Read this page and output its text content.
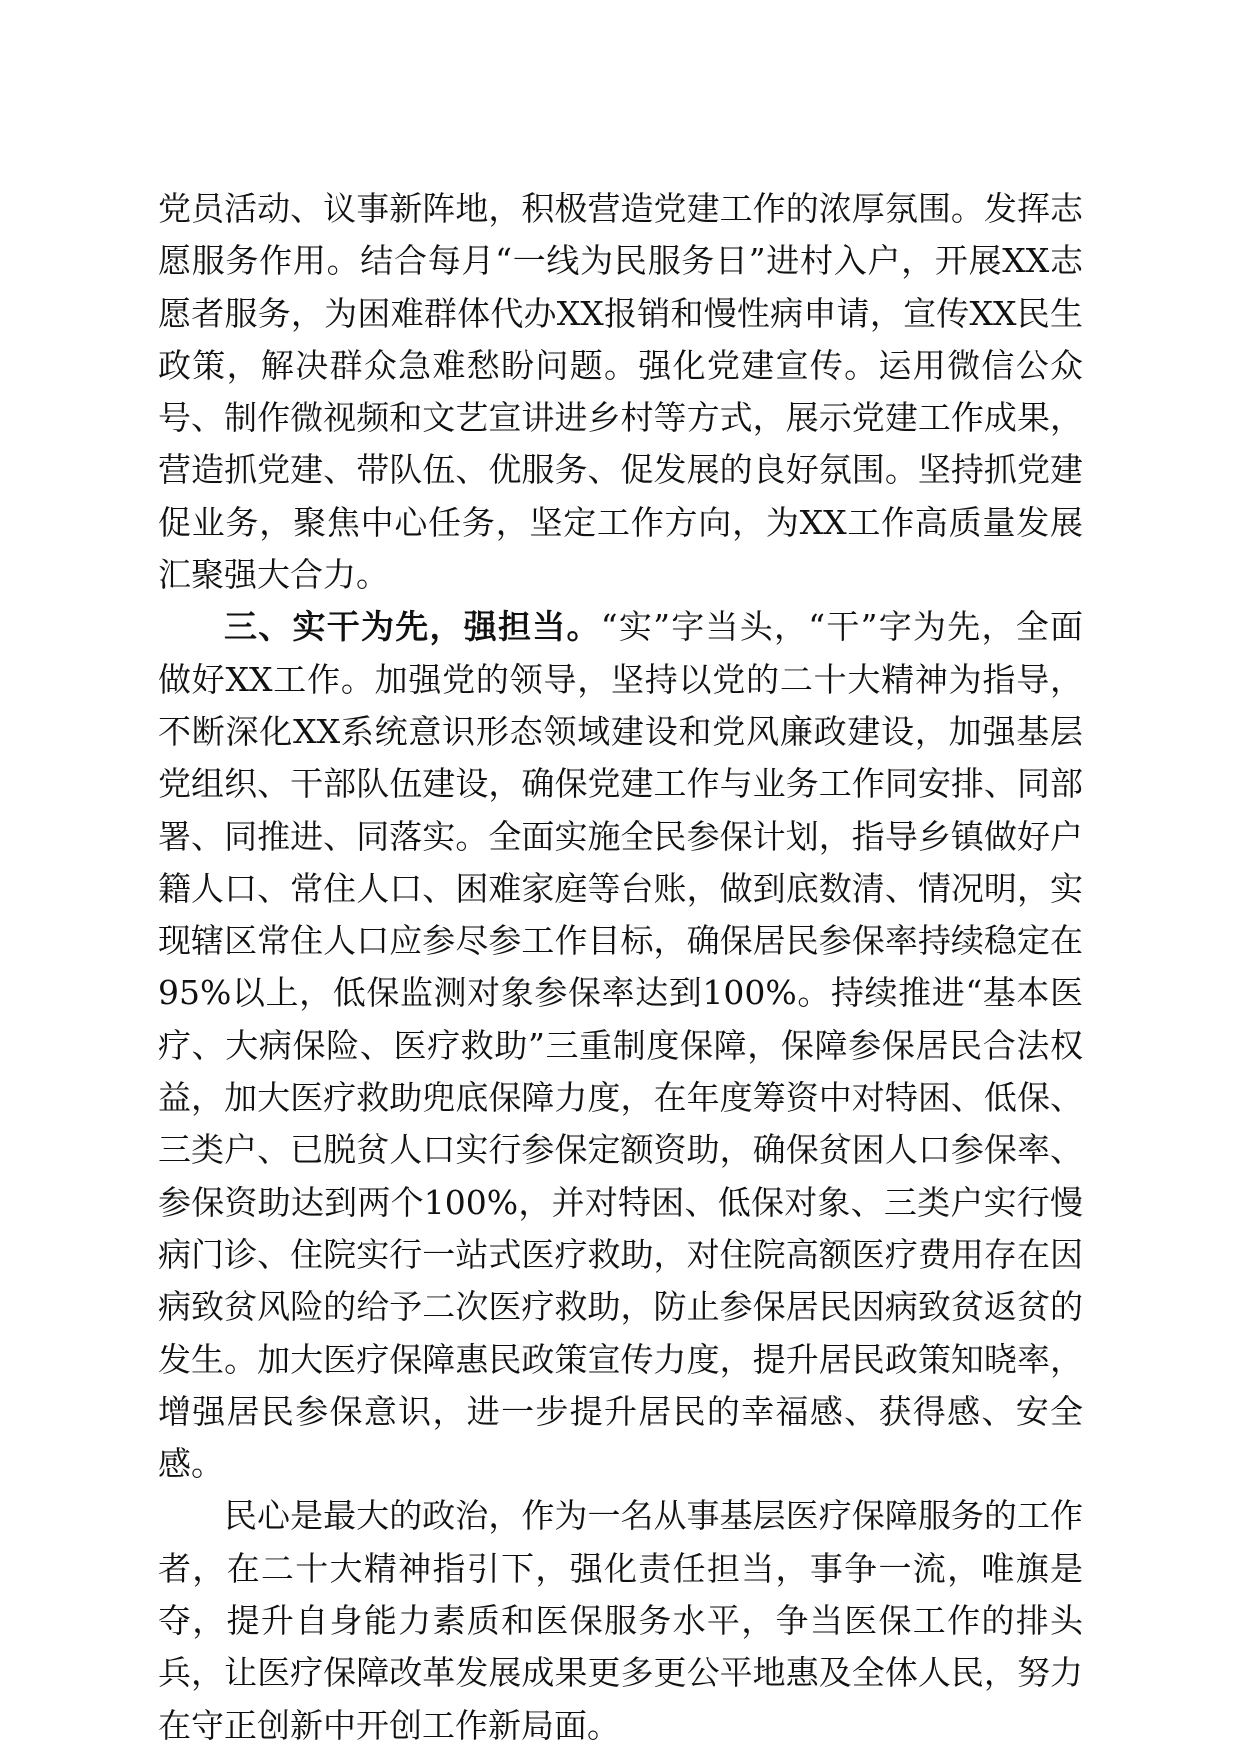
党员活动、议事新阵地，积极营造党建工作的浓厚氛围。发挥志愿服务作用。结合每月“一线为民服务日”进村入户，开展XX志愿者服务，为困难群体代办XX报销和慢性病申请，宣传XX民生政策，解决群众急难愁盼问题。强化党建宣传。运用微信公众号、制作微视频和文艺宣讲进乡村等方式，展示党建工作成果，营造抓党建、带队伍、优服务、促发展的良好氛围。坚持抓党建促业务，聚焦中心任务，坚定工作方向，为XX工作高质量发展汇聚强大合力。

三、实干为先，强担当。“实”字当头，“干”字为先，全面做好XX工作。加强党的领导，坚持以党的二十大精神为指导，不断深化XX系统意识形态领域建设和党风廉政建设，加强基层党组织、干部队伍建设，确保党建工作与业务工作同安排、同部署、同推进、同落实。全面实施全民参保计划，指导乡镇做好户籍人口、常住人口、困难家庭等台账，做到底数清、情况明，实现辖区常住人口应参尽参工作目标，确保居民参保率持续稳定在95%以上，低保监测对象参保率达到100%。持续推进“基本医疗、大病保险、医疗救助”三重制度保障，保障参保居民合法权益，加大医疗救助兜底保障力度，在年度筹资中对特困、低保、三类户、已脱贫人口实行参保定额资助，确保贫困人口参保率、参保资助达到两个100%，并对特困、低保对象、三类户实行慢病门诊、住院实行一站式医疗救助，对住院高额医疗费用存在因病致贫风险的给予二次医疗救助，防止参保居民因病致贫返贫的发生。加大医疗保障惠民政策宣传力度，提升居民政策知晓率，增强居民参保意识，进一步提升居民的幸福感、获得感、安全感。

民心是最大的政治，作为一名从事基层医疗保障服务的工作者，在二十大精神指引下，强化责任担当，事争一流，唯旗是夺，提升自身能力素质和医保服务水平，争当医保工作的排头兵，让医疗保障改革发展成果更多更公平地惠及全体人民，努力在守正创新中开创工作新局面。
